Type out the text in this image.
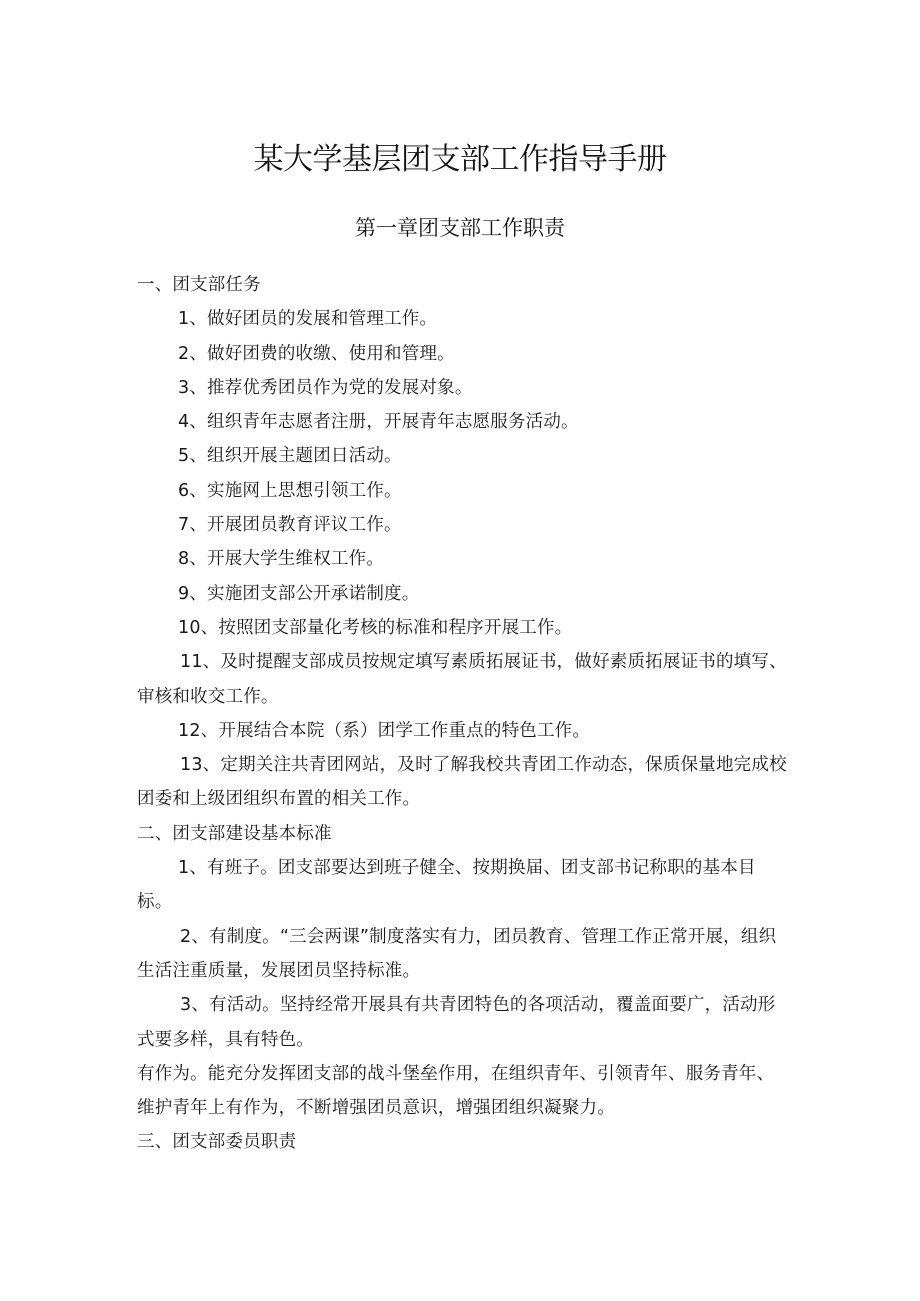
某大学基层团支部工作指导手册
第一章团支部工作职责

一、团支部任务

1、做好团员的发展和管理工作。

2、做好团费的收缴、使用和管理。

3、推荐优秀团员作为党的发展对象。

4、组织青年志愿者注册，开展青年志愿服务活动。

5、组织开展主题团日活动。

6、实施网上思想引领工作。

7、开展团员教育评议工作。

8、开展大学生维权工作。

9、实施团支部公开承诺制度。

10、按照团支部量化考核的标准和程序开展工作。

11、及时提醒支部成员按规定填写素质拓展证书，做好素质拓展证书的填写、审核和收交工作。

12、开展结合本院（系）团学工作重点的特色工作。

13、定期关注共青团网站，及时了解我校共青团工作动态，保质保量地完成校团委和上级团组织布置的相关工作。

二、团支部建设基本标准

1、有班子。团支部要达到班子健全、按期换届、团支部书记称职的基本目标。

2、有制度。“三会两课”制度落实有力，团员教育、管理工作正常开展，组织生活注重质量，发展团员坚持标准。

3、有活动。坚持经常开展具有共青团特色的各项活动，覆盖面要广，活动形式要多样，具有特色。

有作为。能充分发挥团支部的战斗堡垒作用，在组织青年、引领青年、服务青年、维护青年上有作为，不断增强团员意识，增强团组织凝聚力。

三、团支部委员职责
